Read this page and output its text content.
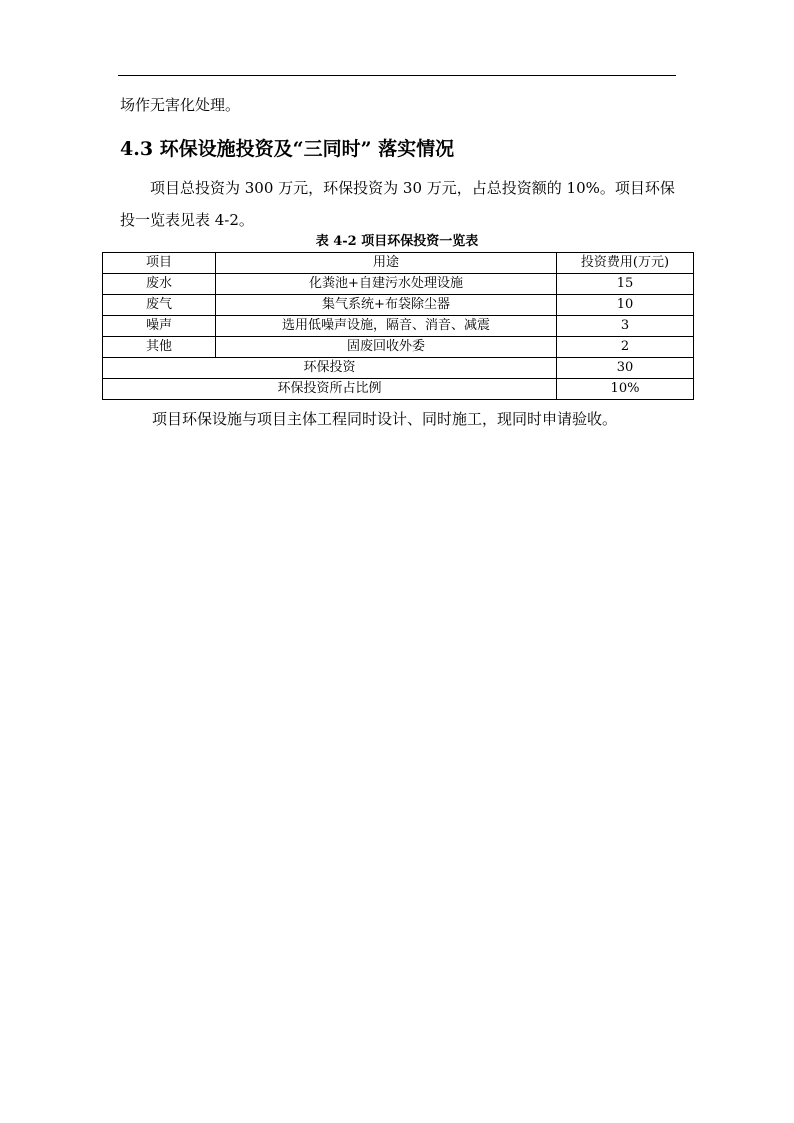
场作无害化处理。
4.3 环保设施投资及“三同时” 落实情况

项目总投资为 300 万元，环保投资为 30 万元，占总投资额的 10%。项目环保投一览表见表 4-2。

表 4-2 项目环保投资一览表
项目	用途	投资费用(万元)
废水	化粪池+自建污水处理设施	15
废气	集气系统+布袋除尘器	10
噪声	选用低噪声设施，隔音、消音、减震	3
其他	固废回收外委	2
环保投资		30
环保投资所占比例		10%
项目环保设施与项目主体工程同时设计、同时施工，现同时申请验收。
